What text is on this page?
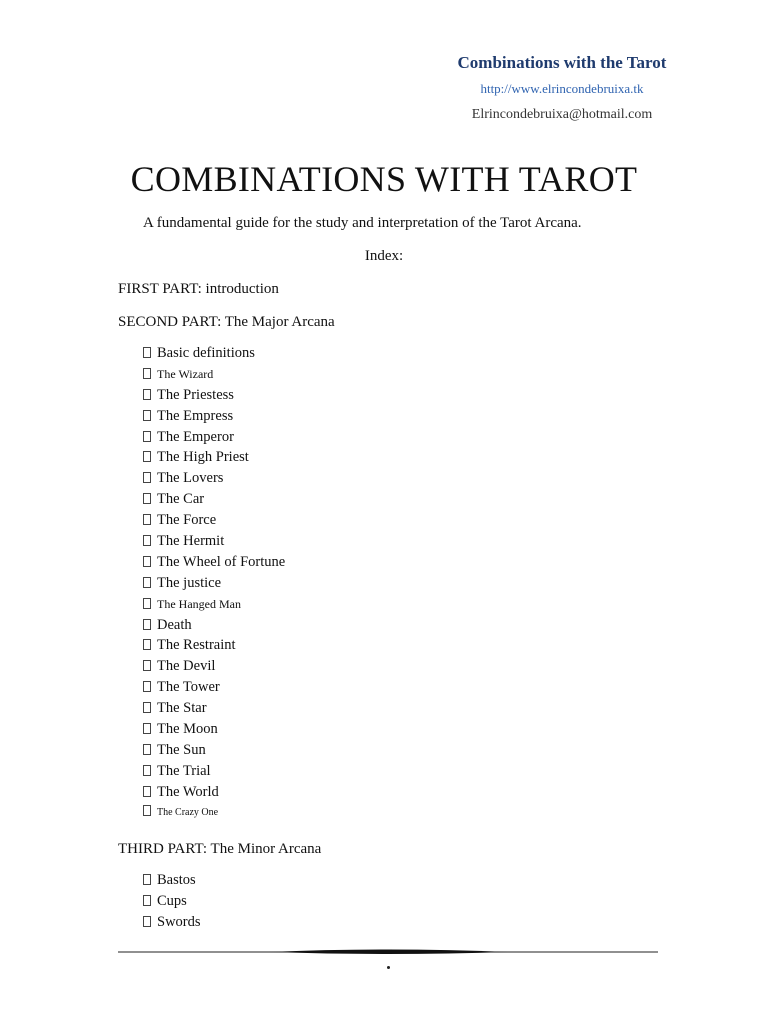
Combinations with the Tarot
http://www.elrincondebruixa.tk
Elrincondebruixa@hotmail.com
COMBINATIONS WITH TAROT
A fundamental guide for the study and interpretation of the Tarot Arcana.
Index:
FIRST PART: introduction
SECOND PART: The Major Arcana
Basic definitions
The Wizard
The Priestess
The Empress
The Emperor
The High Priest
The Lovers
The Car
The Force
The Hermit
The Wheel of Fortune
The justice
The Hanged Man
Death
The Restraint
The Devil
The Tower
The Star
The Moon
The Sun
The Trial
The World
The Crazy One
THIRD PART: The Minor Arcana
Bastos
Cups
Swords
